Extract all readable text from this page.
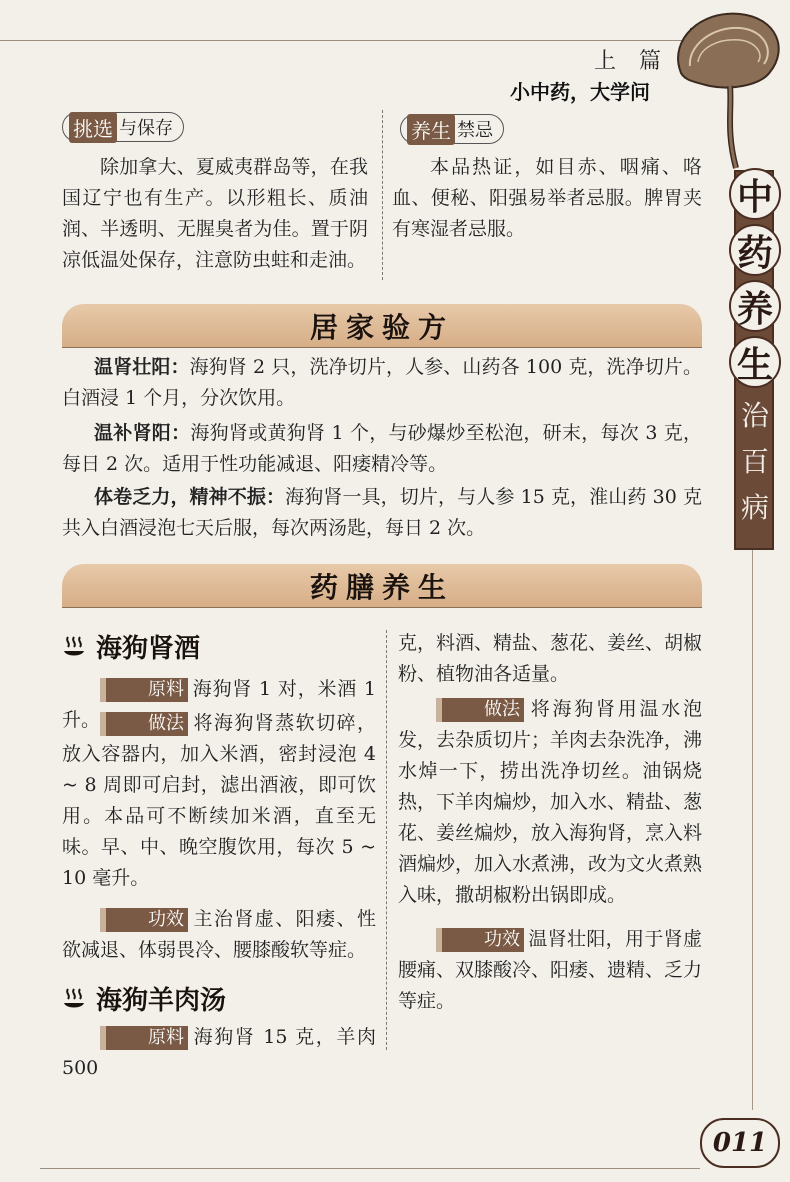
上 篇
小中药，大学问
中
药
养
生
治
百
病
挑选 与保存
除加拿大、夏威夷群岛等，在我国辽宁也有生产。以形粗长、质油润、半透明、无腥臭者为佳。置于阴凉低温处保存，注意防虫蛀和走油。
养生 禁忌
本品热证，如目赤、咽痛、咯血、便秘、阳强易举者忌服。脾胃夹有寒湿者忌服。
居家验方
温肾壮阳：海狗肾 2 只，洗净切片，人参、山药各 100 克，洗净切片。白酒浸 1 个月，分次饮用。
温补肾阳：海狗肾或黄狗肾 1 个，与砂爆炒至松泡，研末，每次 3 克，每日 2 次。适用于性功能减退、阳痿精冷等。
体卷乏力，精神不振：海狗肾一具，切片，与人参 15 克，淮山药 30 克共入白酒浸泡七天后服，每次两汤匙，每日 2 次。
药膳养生
海狗肾酒
原料 海狗肾 1 对，米酒 1 升。	做法 将海狗肾蒸软切碎，放入容器内，加入米酒，密封浸泡 4 ~ 8 周即可启封，滤出酒液，即可饮用。本品可不断续加米酒，直至无味。早、中、晚空腹饮用，每次 5 ~ 10 毫升。
功效 主治肾虚、阳痿、性欲减退、体弱畏冷、腰膝酸软等症。
海狗羊肉汤
原料 海狗肾 15 克，羊肉 500
克，料酒、精盐、葱花、姜丝、胡椒粉、植物油各适量。
做法 将海狗肾用温水泡发，去杂质切片；羊肉去杂洗净，沸水焯一下，捞出洗净切丝。油锅烧热，下羊肉煸炒，加入水、精盐、葱花、姜丝煸炒，放入海狗肾，烹入料酒煸炒，加入水煮沸，改为文火煮熟入味，撒胡椒粉出锅即成。
功效 温肾壮阳，用于肾虚腰痛、双膝酸冷、阳痿、遗精、乏力等症。
011
